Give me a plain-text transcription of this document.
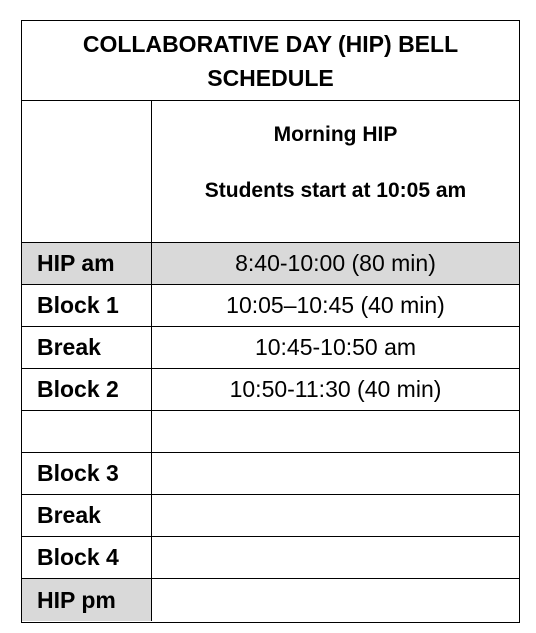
COLLABORATIVE DAY (HIP) BELL SCHEDULE
Morning HIP
Students start at 10:05 am
HIP am	8:40-10:00 (80 min)
Block 1	10:05–10:45 (40 min)
Break	10:45-10:50 am
Block 2	10:50-11:30 (40 min)
Block 3
Break
Block 4
HIP pm
